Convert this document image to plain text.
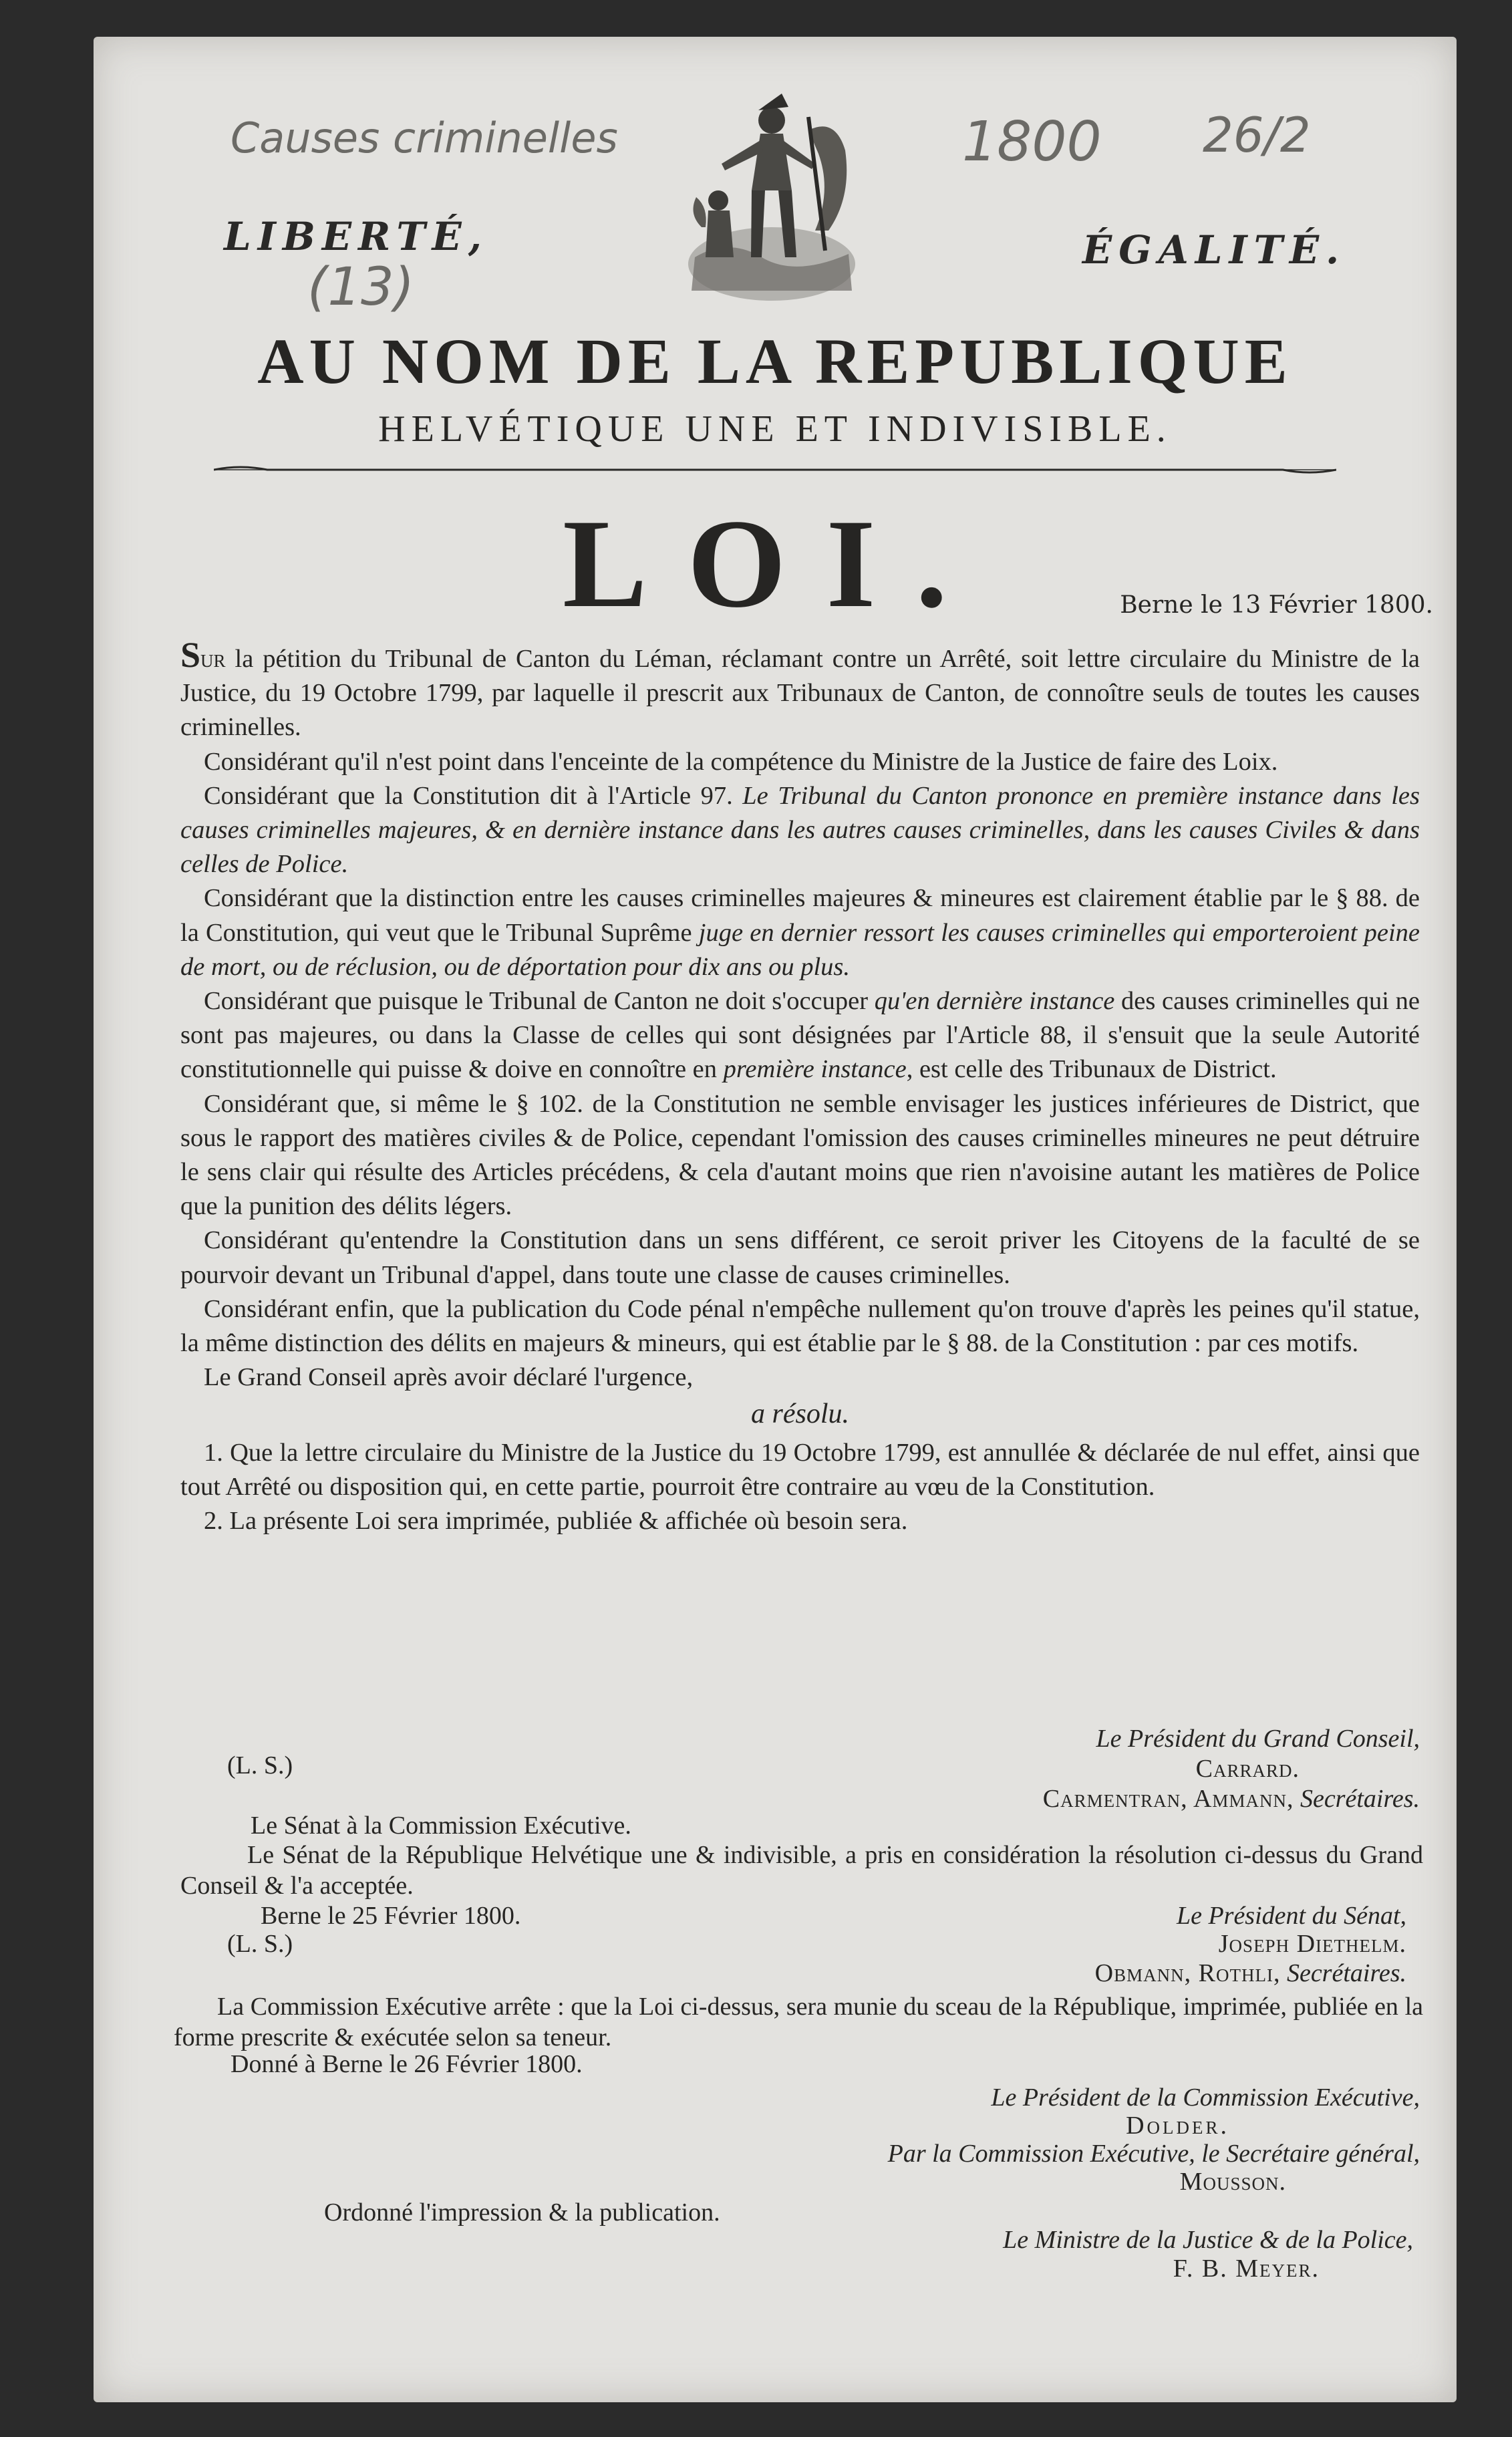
Causes criminelles
(13)
1800 26/2
LIBERTÉ,	ÉGALITÉ.
AU NOM DE LA REPUBLIQUE
HELVÉTIQUE UNE ET INDIVISIBLE.
LOI.	Berne le 13 Février 1800.

Sur la pétition du Tribunal de Canton du Léman, réclamant contre un Arrêté, soit lettre circulaire du Ministre de la Justice, du 19 Octobre 1799, par laquelle il prescrit aux Tribunaux de Canton, de connoître seuls de toutes les causes criminelles.

Considérant qu'il n'est point dans l'enceinte de la compétence du Ministre de la Justice de faire des Loix.

Considérant que la Constitution dit à l'Article 97. Le Tribunal du Canton prononce en première instance dans les causes criminelles majeures, & en dernière instance dans les autres causes criminelles, dans les causes Civiles & dans celles de Police.

Considérant que la distinction entre les causes criminelles majeures & mineures est clairement établie par le § 88. de la Constitution, qui veut que le Tribunal Suprême juge en dernier ressort les causes criminelles qui emporteroient peine de mort, ou de réclusion, ou de déportation pour dix ans ou plus.

Considérant que puisque le Tribunal de Canton ne doit s'occuper qu'en dernière instance des causes criminelles qui ne sont pas majeures, ou dans la Classe de celles qui sont désignées par l'Article 88, il s'ensuit que la seule Autorité constitutionnelle qui puisse & doive en connoître en première instance, est celle des Tribunaux de District.

Considérant que, si même le § 102. de la Constitution ne semble envisager les justices inférieures de District, que sous le rapport des matières civiles & de Police, cependant l'omission des causes criminelles mineures ne peut détruire le sens clair qui résulte des Articles précédens, & cela d'autant moins que rien n'avoisine autant les matières de Police que la punition des délits légers.

Considérant qu'entendre la Constitution dans un sens différent, ce seroit priver les Citoyens de la faculté de se pourvoir devant un Tribunal d'appel, dans toute une classe de causes criminelles.

Considérant enfin, que la publication du Code pénal n'empêche nullement qu'on trouve d'après les peines qu'il statue, la même distinction des délits en majeurs & mineurs, qui est établie par le § 88. de la Constitution : par ces motifs.

Le Grand Conseil après avoir déclaré l'urgence,

a résolu.

1. Que la lettre circulaire du Ministre de la Justice du 19 Octobre 1799, est annullée & déclarée de nul effet, ainsi que tout Arrêté ou disposition qui, en cette partie, pourroit être contraire au vœu de la Constitution.

2. La présente Loi sera imprimée, publiée & affichée où besoin sera.

Le Président du Grand Conseil,
(L. S.)	Carrard.
Carmentran, Ammann, Secrétaires.
Le Sénat à la Commission Exécutive.
Le Sénat de la République Helvétique une & indivisible, a pris en considération la résolution ci-dessus du Grand Conseil & l'a acceptée.
Berne le 25 Février 1800.	Le Président du Sénat,
(L. S.)	Joseph Diethelm.
Obmann, Rothli, Secrétaires.
La Commission Exécutive arrête : que la Loi ci-dessus, sera munie du sceau de la République, imprimée, publiée en la forme prescrite & exécutée selon sa teneur.
Donné à Berne le 26 Février 1800.
Le Président de la Commission Exécutive,
Dolder.
Par la Commission Exécutive, le Secrétaire général,
Mousson.
Ordonné l'impression & la publication.
Le Ministre de la Justice & de la Police,
F. B. Meyer.
